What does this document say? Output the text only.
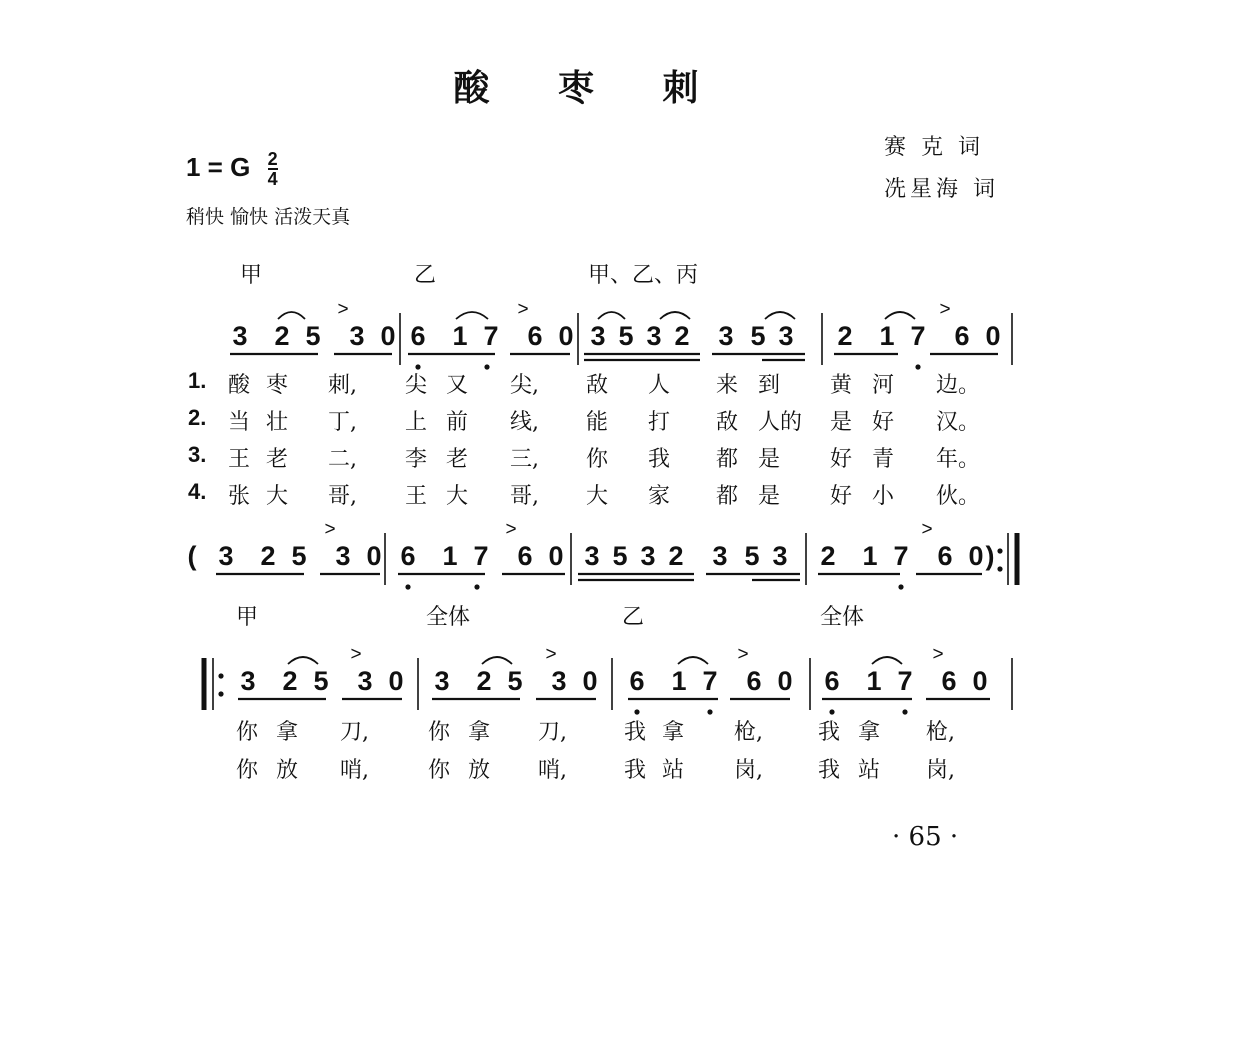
酸 枣 刺
赛 克 词
冼星海 词
1 = G $\frac{2}{4}$
稍快 愉快 活泼天真
甲	乙	甲、乙、丙
1.
2.
3.
4.
甲	全体	乙	全体
酸 枣 刺, 尖 又 尖, 敌 人 来 到 黄 河 边。
当 壮 丁, 上 前 线, 能 打 敌 人的 是 好 汉。
王 老 二, 李 老 三, 你 我 都 是 好 青 年。
张 大 哥, 王 大 哥, 大 家 都 是 好 小 伙。
你 拿 刀,	你 拿 刀,	我 拿 枪,	我 拿 枪,
你 放 哨,	你 放 哨,	我 站 岗,	我 站 岗,
3 2 5 3 0 6 1 7 6 0 3 5 3 2 3 5 3 2 1 7 6 0
>	>	>
3 2 5 3 0 6 1 7 6 0 3 5 3 2 3 5 3 2 1 7 6 0
>	>	>
(	)
3 2 5 3 0 3 2 5 3 0 6 1 7 6 0 6 1 7 6 0
>	>	>	>
· 65 ·
